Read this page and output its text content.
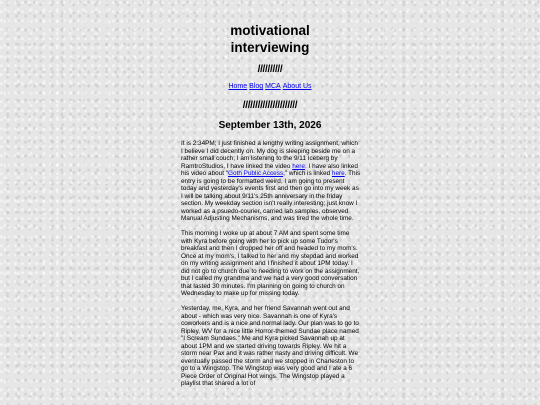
motivational
interviewing
//////////
Home Blog MCA About Us
//////////////////////
September 13th, 2026

It is 2:34PM; I just finished a lengthy writing assignment, which I believe I did decently on. My dog is sleeping beside me on a rather small couch; I am listening to the 9/11 Iceberg by RamtroStudios, I have linked the video here. I have also linked his video about "Goth Public Access," which is linked here. This entry is going to be formatted weird, I am going to present today and yesterday's events first and then go into my week as I will be talking about 9/11's 25th anniversary in the friday section. My weekday section isn't really interesting; just know I worked as a psuedo-courier, carried lab samples, observed Manual Adjusting Mechanisms, and was tired the whole time.

This morning I woke up at about 7 AM and spent some time with Kyra before going with her to pick up some Tudor's breakfast and then I dropped her off and headed to my mom's. Once at my mom's, I talked to her and my stepdad and worked on my writing assignment and I finished it about 1PM today. I did not go to church due to needing to work on the assignment, but I called my grandma and we had a very good conversation that lasted 30 minutes. I'm planning on going to church on Wednesday to make up for missing today.

Yesterday, me, Kyra, and her friend Savannah went out and about - which was very nice. Savannah is one of Kyra's coworkers and is a nice and normal lady. Our plan was to go to Ripley, WV for a nice little Horror-themed Sundae place named "I Scream Sundaes." Me and Kyra picked Savannah up at about 1PM and we started driving towards Ripley. We hit a storm near Pax and it was rather nasty and driving difficult. We eventually passed the storm and we stopped in Charleston to go to a Wingstop. The Wingstop was very good and I ate a 6 Piece Order of Original Hot wings. The Wingstop played a playlist that shared a lot of
